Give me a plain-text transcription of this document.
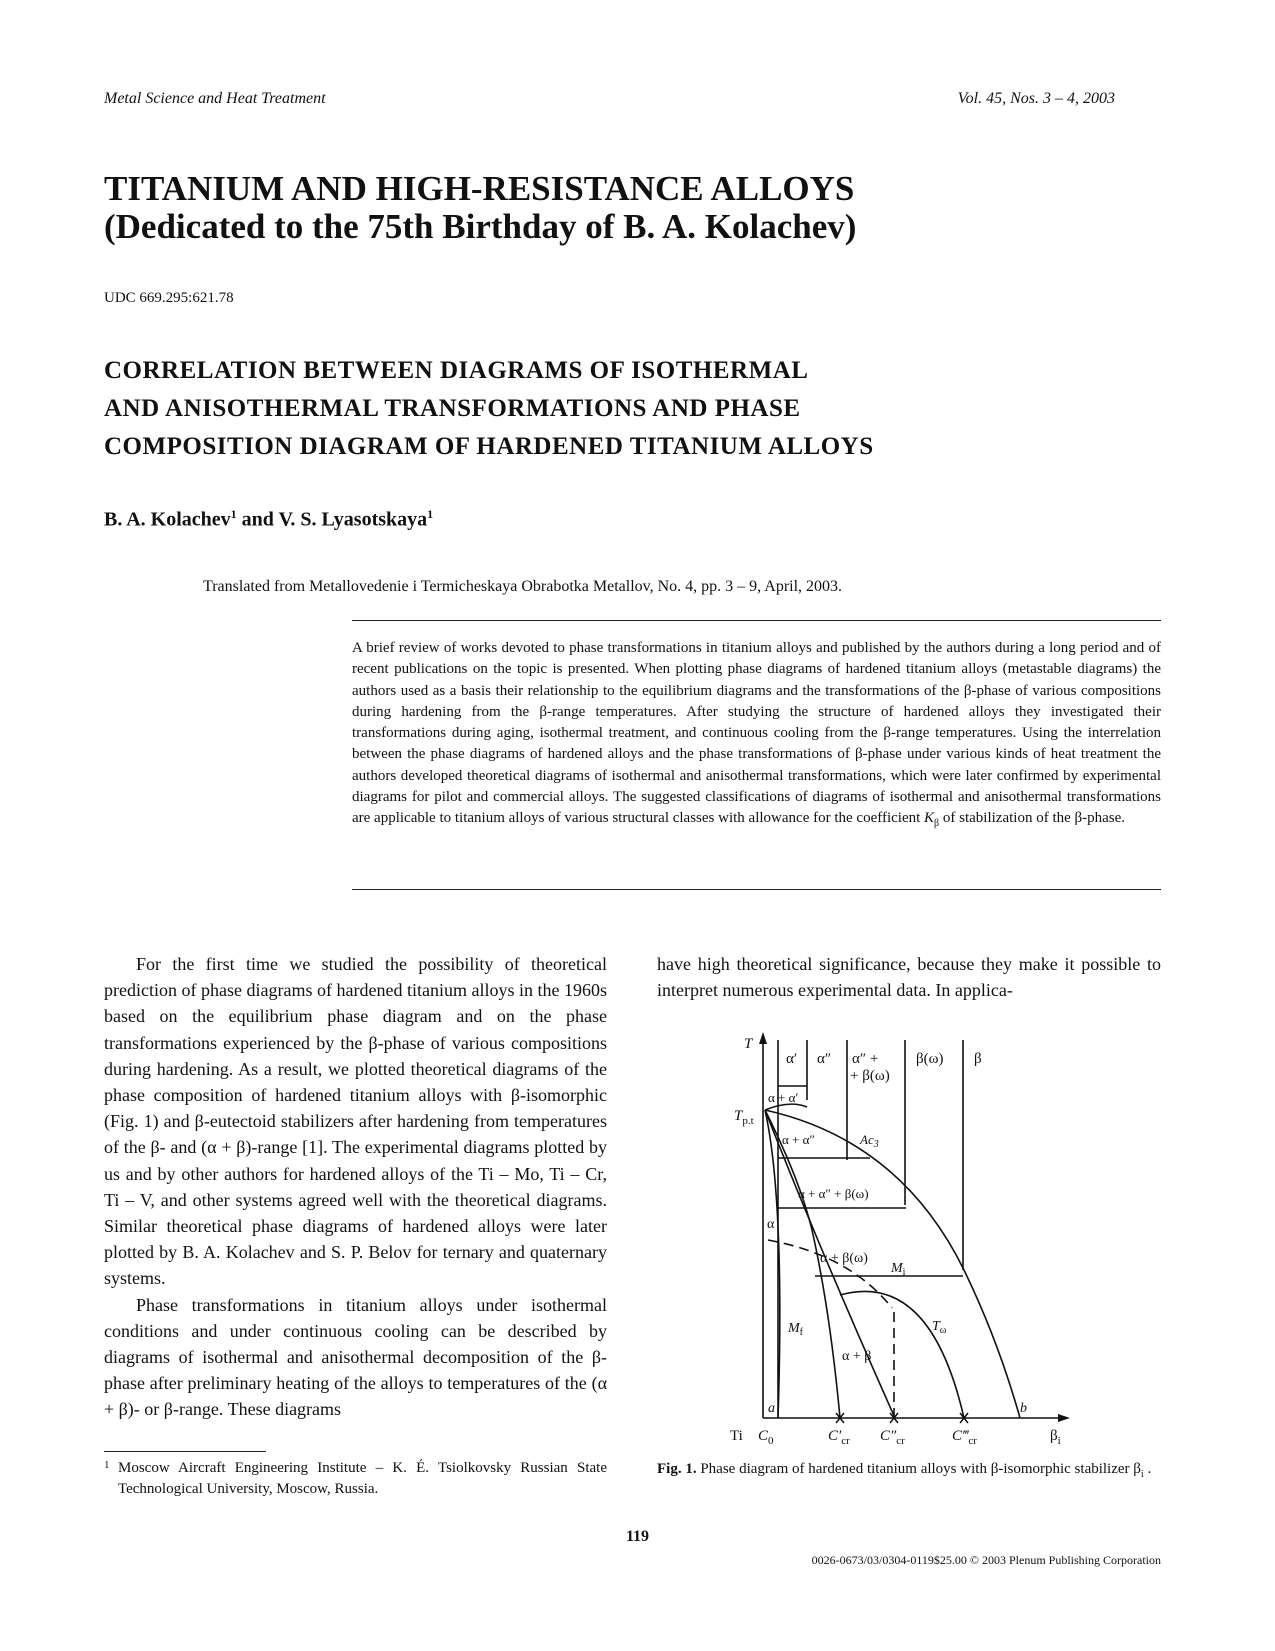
Metal Science and Heat Treatment	Vol. 45, Nos. 3 – 4, 2003
TITANIUM AND HIGH-RESISTANCE ALLOYS
(Dedicated to the 75th Birthday of B. A. Kolachev)
UDC 669.295:621.78
CORRELATION BETWEEN DIAGRAMS OF ISOTHERMAL
AND ANISOTHERMAL TRANSFORMATIONS AND PHASE
COMPOSITION DIAGRAM OF HARDENED TITANIUM ALLOYS
B. A. Kolachev$^1$ and V. S. Lyasotskaya$^1$
Translated from Metallovedenie i Termicheskaya Obrabotka Metallov, No. 4, pp. 3 – 9, April, 2003.
A brief review of works devoted to phase transformations in titanium alloys and published by the authors during a long period and of recent publications on the topic is presented. When plotting phase diagrams of hardened titanium alloys (metastable diagrams) the authors used as a basis their relationship to the equilibrium diagrams and the transformations of the β-phase of various compositions during hardening from the β-range temperatures. After studying the structure of hardened alloys they investigated their transformations during aging, isothermal treatment, and continuous cooling from the β-range temperatures. Using the interrelation between the phase diagrams of hardened alloys and the phase transformations of β-phase under various kinds of heat treatment the authors developed theoretical diagrams of isothermal and anisothermal transformations, which were later confirmed by experimental diagrams for pilot and commercial alloys. The suggested classifications of diagrams of isothermal and anisothermal transformations are applicable to titanium alloys of various structural classes with allowance for the coefficient $K_\beta$ of stabilization of the β-phase.

For the first time we studied the possibility of theoretical prediction of phase diagrams of hardened titanium alloys in the 1960s based on the equilibrium phase diagram and on the phase transformations experienced by the β-phase of various compositions during hardening. As a result, we plotted theoretical diagrams of the phase composition of hardened titanium alloys with β-isomorphic (Fig. 1) and β-eutectoid stabilizers after hardening from temperatures of the β- and (α + β)-range [1]. The experimental diagrams plotted by us and by other authors for hardened alloys of the Ti – Mo, Ti – Cr, Ti – V, and other systems agreed well with the theoretical diagrams. Similar theoretical phase diagrams of hardened alloys were later plotted by B. A. Kolachev and S. P. Belov for ternary and quaternary systems.

Phase transformations in titanium alloys under isothermal conditions and under continuous cooling can be described by diagrams of isothermal and anisothermal decomposition of the β-phase after preliminary heating of the alloys to temperatures of the (α + β)- or β-range. These diagrams

have high theoretical significance, because they make it possible to interpret numerous experimental data. In applica-

T
$T_{p.t}$
α′ α″ α″ +
+ β(ω)
β(ω) β
α + α′
α + α″	$Ac_3$
α + α″ + β(ω)
α
α + β(ω)
$M_i$
$M_f$	$T_\omega$
α + β
a	b
Ti $C_0$	$C'_{cr}$ $C''_{cr}$	$C‴_{cr}$	$\beta_i$
1 Moscow Aircraft Engineering Institute – K. É. Tsiolkovsky Russian State Technological University, Moscow, Russia.
Fig. 1. Phase diagram of hardened titanium alloys with β-isomorphic stabilizer $\beta_i$ .
119
0026-0673/03/0304-0119$25.00 © 2003 Plenum Publishing Corporation
